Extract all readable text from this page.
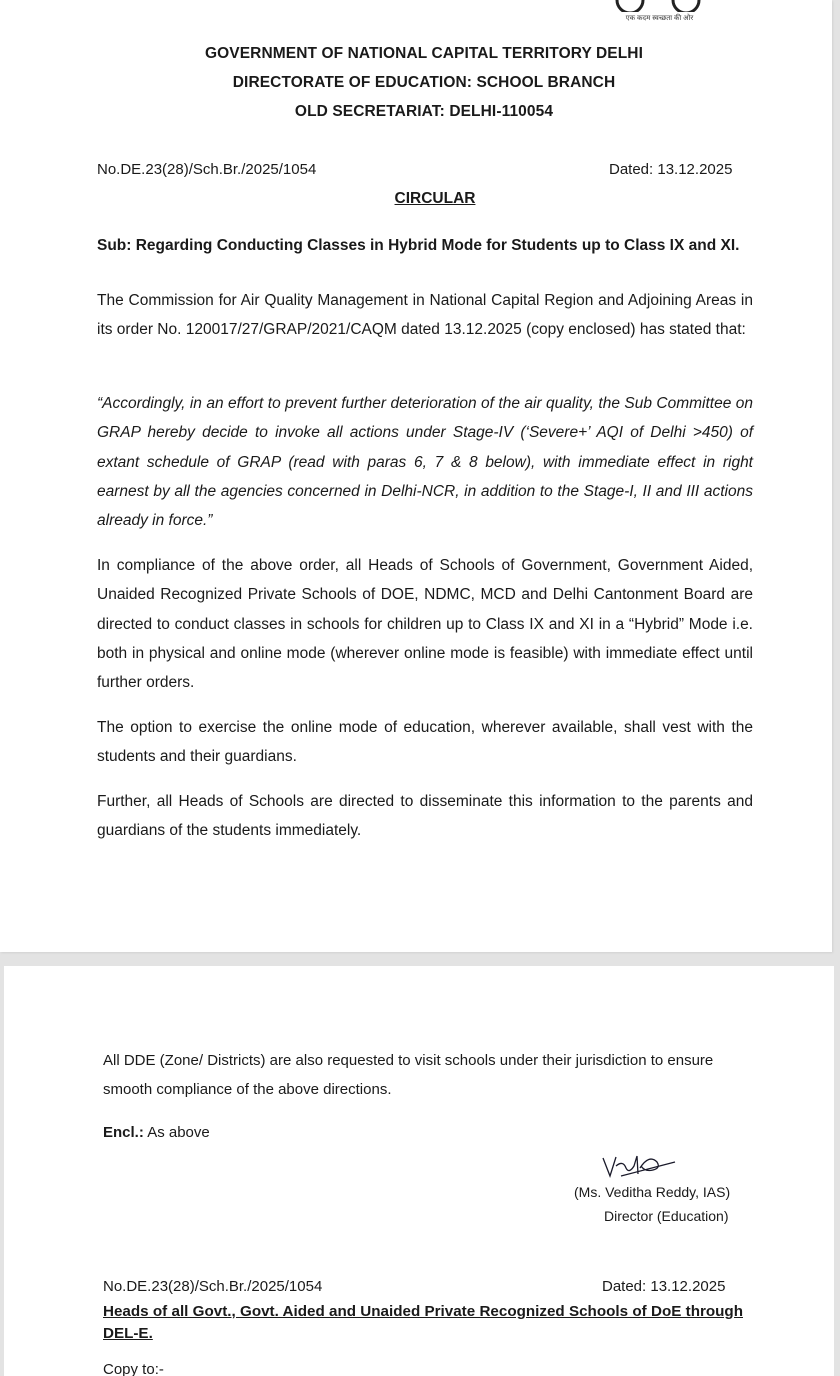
एक कदम स्वच्छता की ओर
GOVERNMENT OF NATIONAL CAPITAL TERRITORY DELHI
DIRECTORATE OF EDUCATION: SCHOOL BRANCH
OLD SECRETARIAT: DELHI-110054
No.DE.23(28)/Sch.Br./2025/1054	Dated: 13.12.2025
CIRCULAR
Sub: Regarding Conducting Classes in Hybrid Mode for Students up to Class IX and XI.
The Commission for Air Quality Management in National Capital Region and Adjoining Areas in its order No. 120017/27/GRAP/2021/CAQM dated 13.12.2025 (copy enclosed) has stated that:
“Accordingly, in an effort to prevent further deterioration of the air quality, the Sub Committee on GRAP hereby decide to invoke all actions under Stage-IV (‘Severe+’ AQI of Delhi >450) of extant schedule of GRAP (read with paras 6, 7 & 8 below), with immediate effect in right earnest by all the agencies concerned in Delhi-NCR, in addition to the Stage-I, II and III actions already in force.”
In compliance of the above order, all Heads of Schools of Government, Government Aided, Unaided Recognized Private Schools of DOE, NDMC, MCD and Delhi Cantonment Board are directed to conduct classes in schools for children up to Class IX and XI in a “Hybrid” Mode i.e. both in physical and online mode (wherever online mode is feasible) with immediate effect until further orders.
The option to exercise the online mode of education, wherever available, shall vest with the students and their guardians.
Further, all Heads of Schools are directed to disseminate this information to the parents and guardians of the students immediately.
All DDE (Zone/ Districts) are also requested to visit schools under their jurisdiction to ensure smooth compliance of the above directions.
Encl.: As above
(Ms. Veditha Reddy, IAS)
Director (Education)
No.DE.23(28)/Sch.Br./2025/1054	Dated: 13.12.2025
Heads of all Govt., Govt. Aided and Unaided Private Recognized Schools of DoE through DEL-E.
Copy to:-
